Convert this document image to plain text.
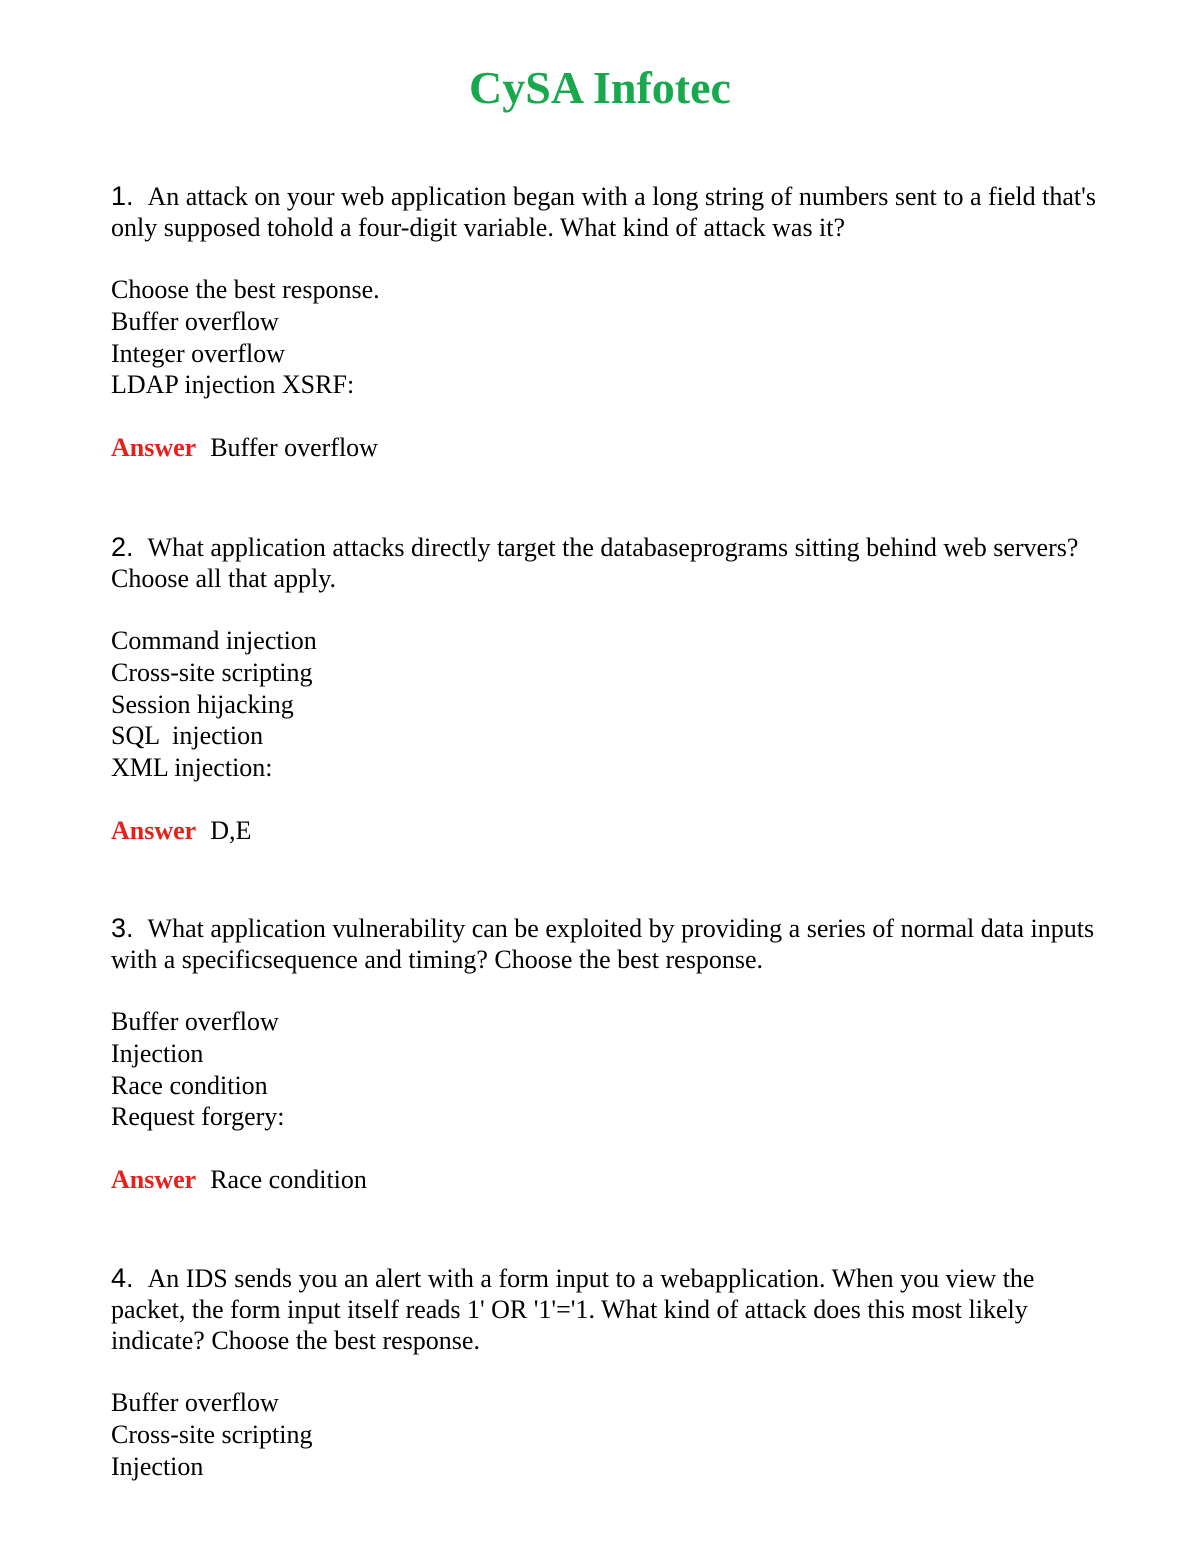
CySA Infotec

1. An attack on your web application began with a long string of numbers sent to a field that's only supposed tohold a four-digit variable. What kind of attack was it?

Choose the best response.
Buffer overflow
Integer overflow
LDAP injection XSRF:
Answer Buffer overflow

2. What application attacks directly target the databaseprograms sitting behind web servers? Choose all that apply.

Command injection
Cross-site scripting
Session hijacking
SQL  injection
XML injection:
Answer D,E

3. What application vulnerability can be exploited by providing a series of normal data inputs with a specificsequence and timing? Choose the best response.

Buffer overflow
Injection
Race condition
Request forgery:
Answer Race condition

4. An IDS sends you an alert with a form input to a webapplication. When you view the packet, the form input itself reads 1' OR '1'='1. What kind of attack does this most likely indicate? Choose the best response.

Buffer overflow
Cross-site scripting
Injection
